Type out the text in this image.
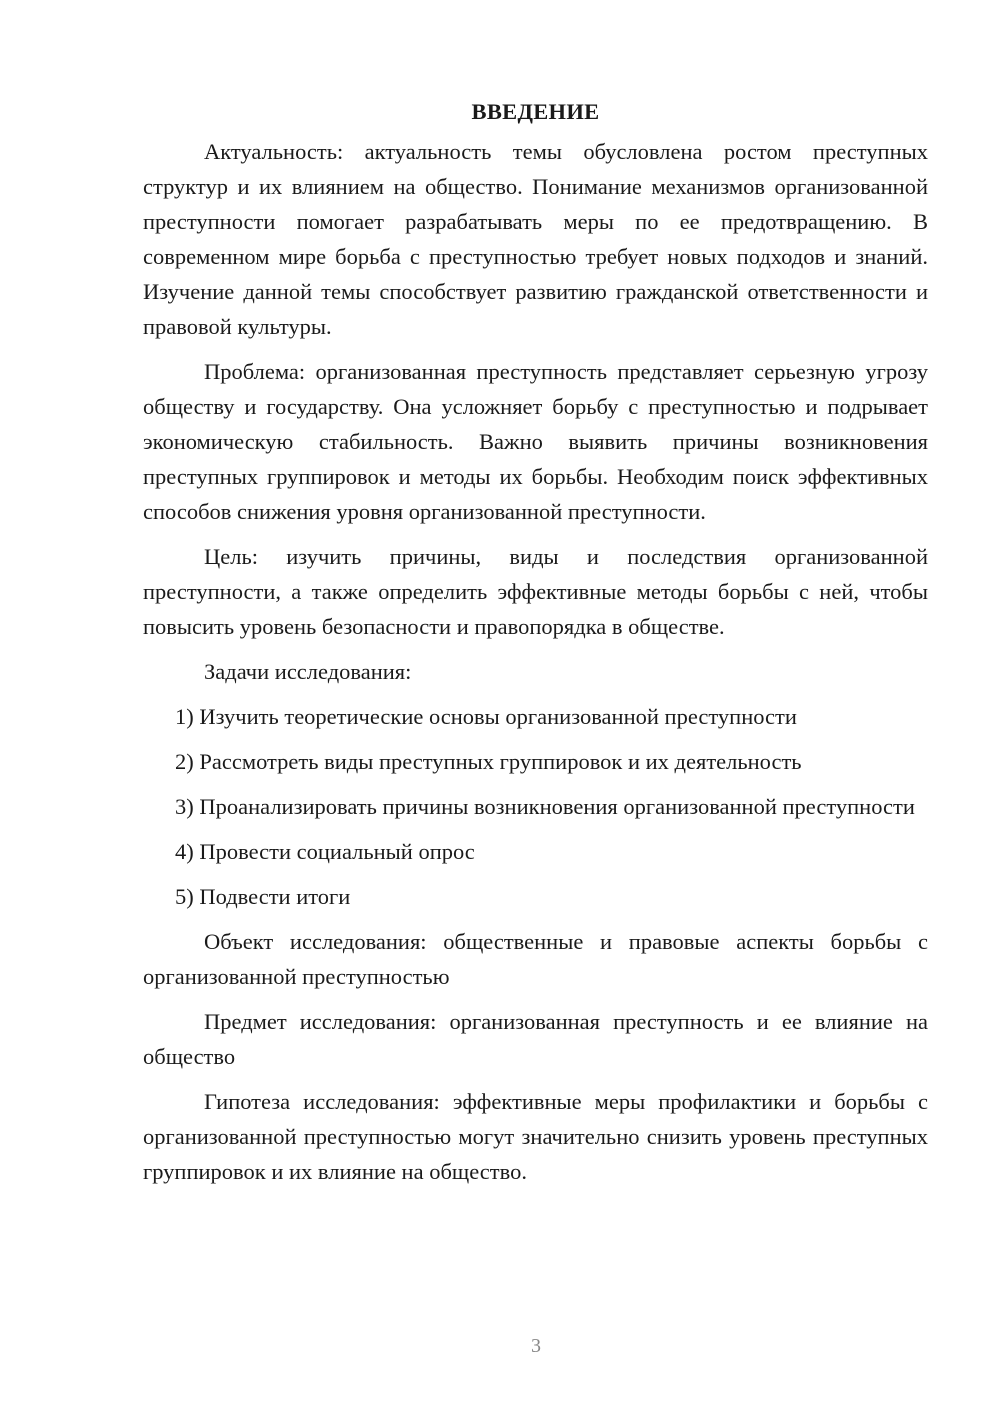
ВВЕДЕНИЕ

Актуальность: актуальность темы обусловлена ростом преступных структур и их влиянием на общество. Понимание механизмов организованной преступности помогает разрабатывать меры по ее предотвращению. В современном мире борьба с преступностью требует новых подходов и знаний. Изучение данной темы способствует развитию гражданской ответственности и правовой культуры.

Проблема: организованная преступность представляет серьезную угрозу обществу и государству. Она усложняет борьбу с преступностью и подрывает экономическую стабильность. Важно выявить причины возникновения преступных группировок и методы их борьбы. Необходим поиск эффективных способов снижения уровня организованной преступности.

Цель: изучить причины, виды и последствия организованной преступности, а также определить эффективные методы борьбы с ней, чтобы повысить уровень безопасности и правопорядка в обществе.

Задачи исследования:

1) Изучить теоретические основы организованной преступности

2) Рассмотреть виды преступных группировок и их деятельность

3) Проанализировать причины возникновения организованной преступности

4) Провести социальный опрос

5) Подвести итоги

Объект исследования: общественные и правовые аспекты борьбы с организованной преступностью

Предмет исследования: организованная преступность и ее влияние на общество

Гипотеза исследования: эффективные меры профилактики и борьбы с организованной преступностью могут значительно снизить уровень преступных группировок и их влияние на общество.

3
